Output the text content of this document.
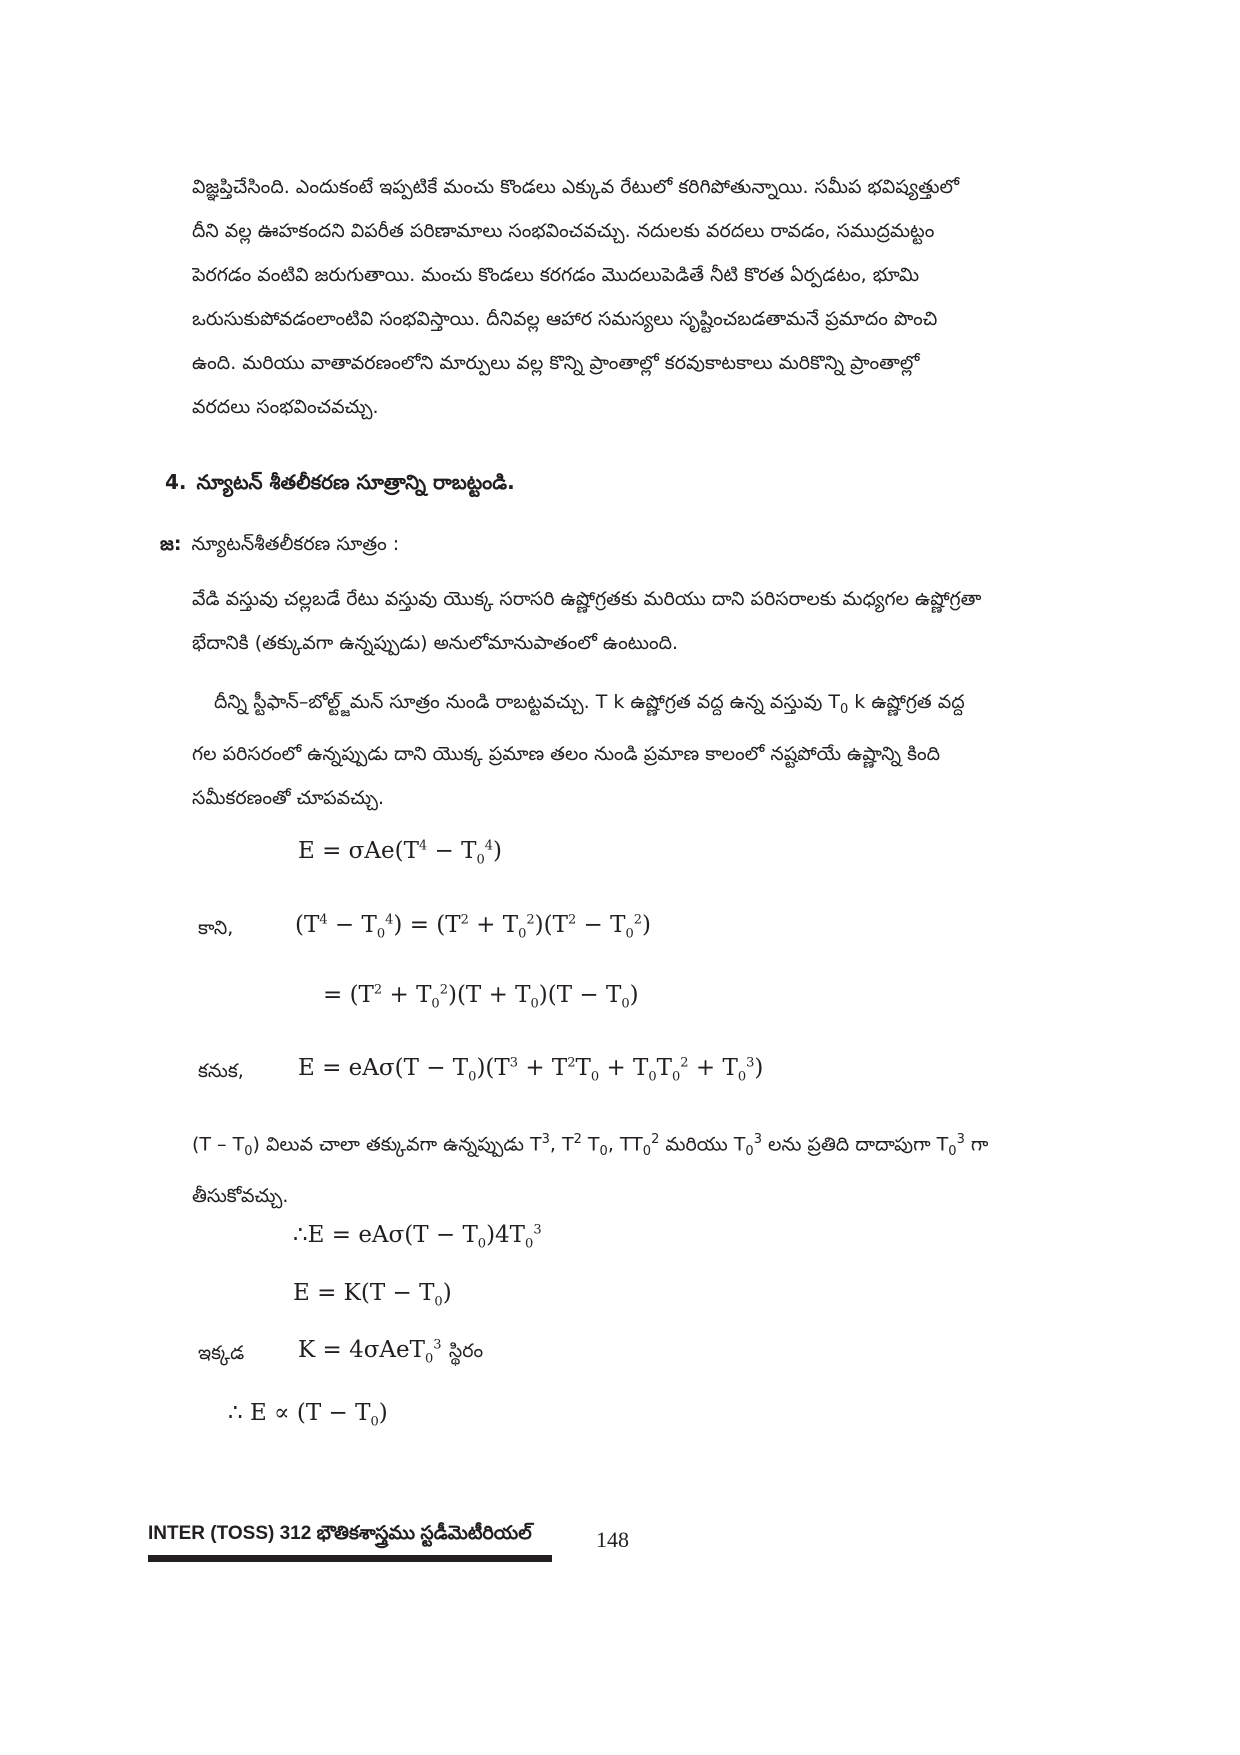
విజ్ఞప్తిచేసింది. ఎందుకంటే ఇప్పటికే మంచు కొండలు ఎక్కువ రేటులో కరిగిపోతున్నాయి. సమీప భవిష్యత్తులో
దీని వల్ల ఊహకందని విపరీత పరిణామాలు సంభవించవచ్చు. నదులకు వరదలు రావడం, సముద్రమట్టం
పెరగడం వంటివి జరుగుతాయి. మంచు కొండలు కరగడం మొదలుపెడితే నీటి కొరత ఏర్పడటం, భూమి
ఒరుసుకుపోవడంలాంటివి సంభవిస్తాయి. దీనివల్ల ఆహార సమస్యలు సృష్టించబడతామనే ప్రమాదం పొంచి
ఉంది. మరియు వాతావరణంలోని మార్పులు వల్ల కొన్ని ప్రాంతాల్లో కరవుకాటకాలు మరికొన్ని ప్రాంతాల్లో
వరదలు సంభవించవచ్చు.
4. న్యూటన్ శీతలీకరణ సూత్రాన్ని రాబట్టండి.
జ: న్యూటన్‌శీతలీకరణ సూత్రం :
వేడి వస్తువు చల్లబడే రేటు వస్తువు యొక్క సరాసరి ఉష్ణోగ్రతకు మరియు దాని పరిసరాలకు మధ్యగల ఉష్ణోగ్రతా
భేదానికి (తక్కువగా ఉన్నప్పుడు) అనులోమానుపాతంలో ఉంటుంది.
దీన్ని స్టీఫాన్–బోల్ట్జ్‌మన్ సూత్రం నుండి రాబట్టవచ్చు. T k ఉష్ణోగ్రత వద్ద ఉన్న వస్తువు $T_0$ k ఉష్ణోగ్రత వద్ద
గల పరిసరంలో ఉన్నప్పుడు దాని యొక్క ప్రమాణ తలం నుండి ప్రమాణ కాలంలో నష్టపోయే ఉష్ణాన్ని కింది
సమీకరణంతో చూపవచ్చు.
$E = \sigma Ae(T^4 - T_0^4)$
కాని,	$(T^4 - T_0^4) = (T^2 + T_0^2)(T^2 - T_0^2)$
= $(T^2 + T_0^2)(T + T_0)(T - T_0)$
కనుక, $E = eA\sigma(T - T_0)(T^3 + T^2T_0 + T_0T_0^2 + T_0^3)$
$(T - T_0)$ విలువ చాలా తక్కువగా ఉన్నప్పుడు $T^3$, $T^2$ $T_0$, $TT_0^2$ మరియు $T_0^3$ లను ప్రతిది దాదాపుగా $T_0^3$ గా
తీసుకోవచ్చు.
∴E = $eA\sigma(T - T_0)4T_0^3$
$E = K(T - T_0)$
ఇక్కడ K = 4σAeT$_0^3$ స్థిరం
∴ $E \propto (T - T_0)$
INTER (TOSS) 312 భౌతికశాస్త్రము స్టడీమెటీరియల్	148
